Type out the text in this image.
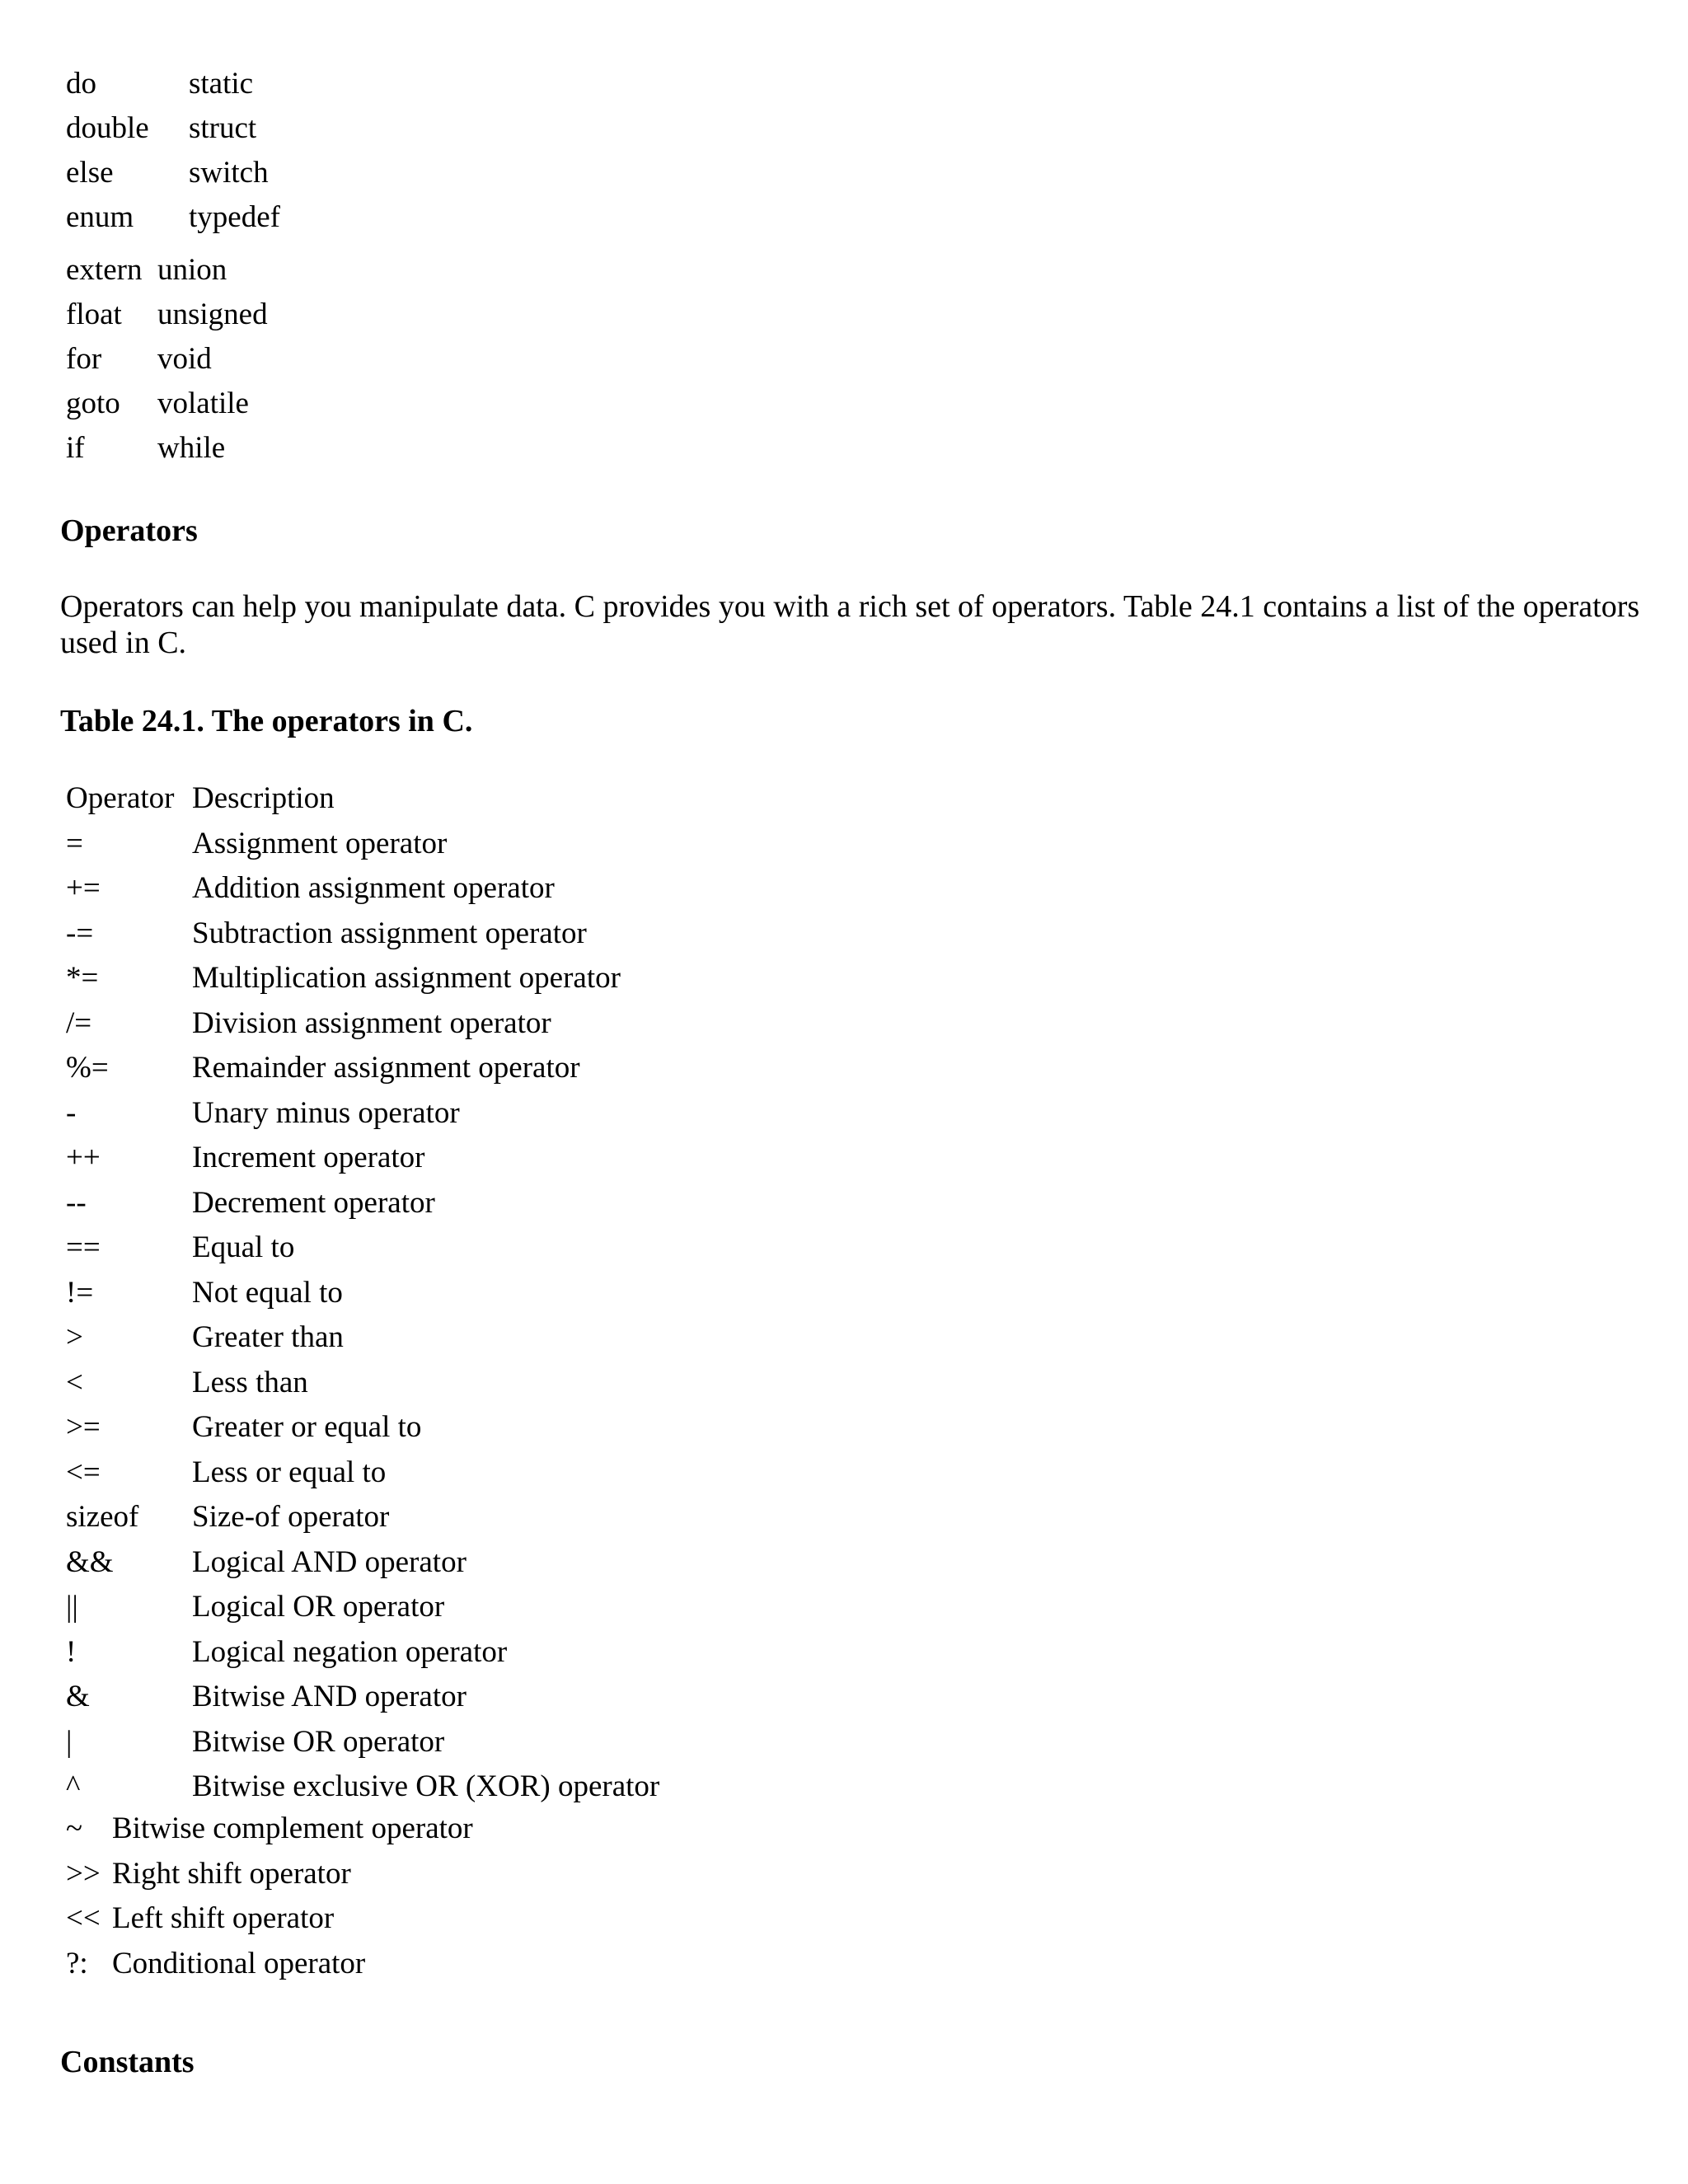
do	static
double	struct
else	switch
enum	typedef
extern	union
float	unsigned
for	void
goto	volatile
if	while
Operators
Operators can help you manipulate data. C provides you with a rich set of operators. Table 24.1 contains a list of the operators used in C.
Table 24.1. The operators in C.
Operator	Description
=	Assignment operator
+=	Addition assignment operator
-=	Subtraction assignment operator
*=	Multiplication assignment operator
/=	Division assignment operator
%=	Remainder assignment operator
-	Unary minus operator
++	Increment operator
--	Decrement operator
==	Equal to
!=	Not equal to
>	Greater than
<	Less than
>=	Greater or equal to
<=	Less or equal to
sizeof	Size-of operator
&&	Logical AND operator
||	Logical OR operator
!	Logical negation operator
&	Bitwise AND operator
|	Bitwise OR operator
^	Bitwise exclusive OR (XOR) operator
~	Bitwise complement operator
>>	Right shift operator
<<	Left shift operator
?:	Conditional operator
Constants
